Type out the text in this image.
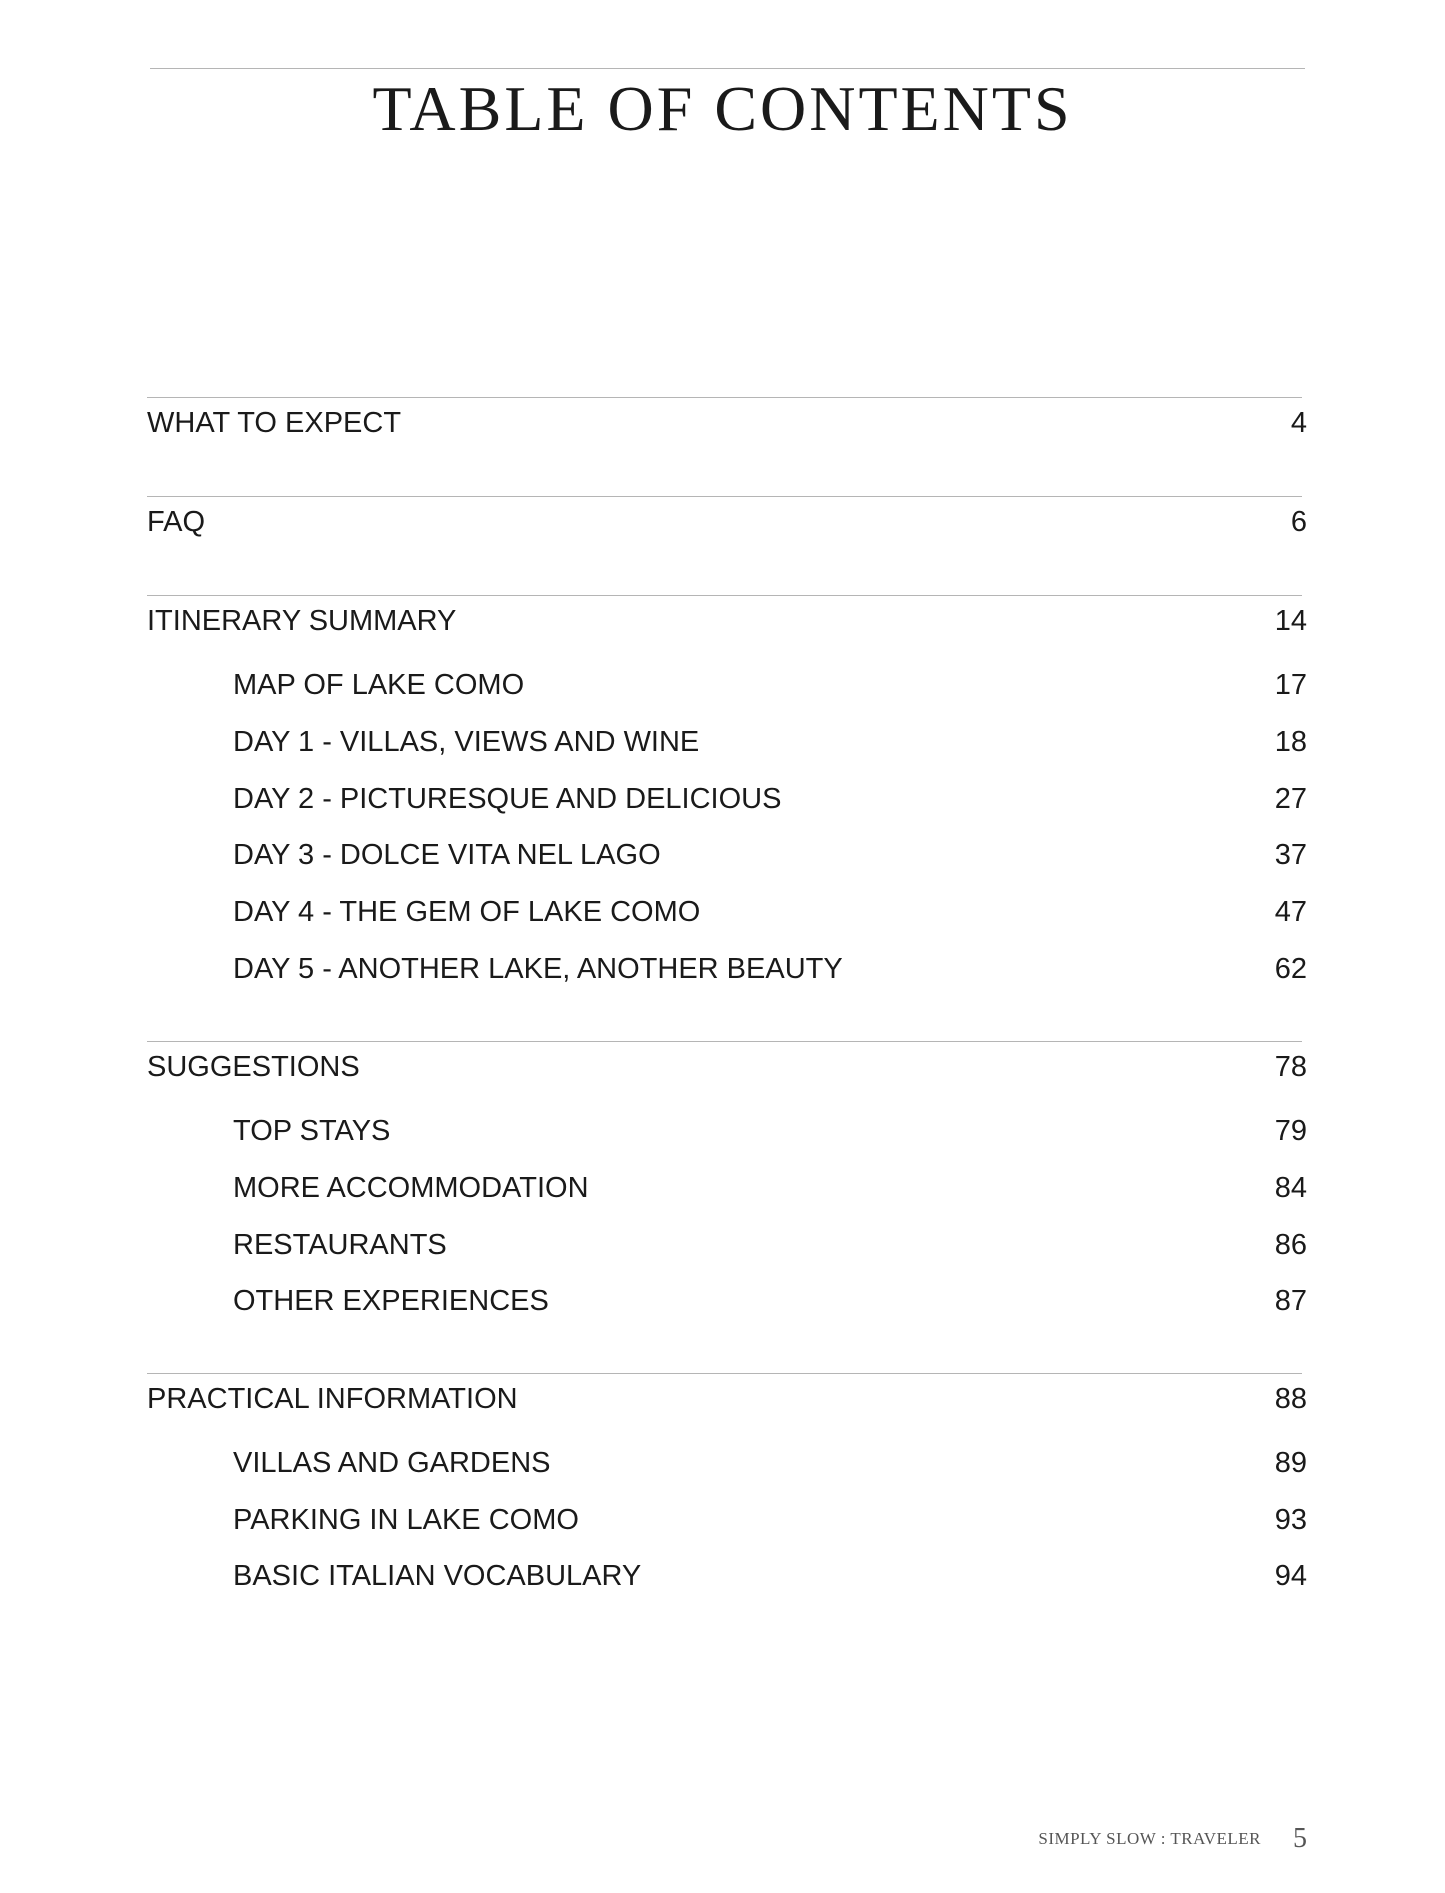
TABLE OF CONTENTS
WHAT TO EXPECT	4
FAQ	6
ITINERARY SUMMARY	14
MAP OF LAKE COMO	17
DAY 1 - VILLAS, VIEWS AND WINE	18
DAY 2 - PICTURESQUE AND DELICIOUS	27
DAY 3 - DOLCE VITA NEL LAGO	37
DAY 4 - THE GEM OF LAKE COMO	47
DAY 5 - ANOTHER LAKE, ANOTHER BEAUTY	62
SUGGESTIONS	78
TOP STAYS	79
MORE ACCOMMODATION	84
RESTAURANTS	86
OTHER EXPERIENCES	87
PRACTICAL INFORMATION	88
VILLAS AND GARDENS	89
PARKING IN LAKE COMO	93
BASIC ITALIAN VOCABULARY	94
SIMPLY SLOW : TRAVELER 5
